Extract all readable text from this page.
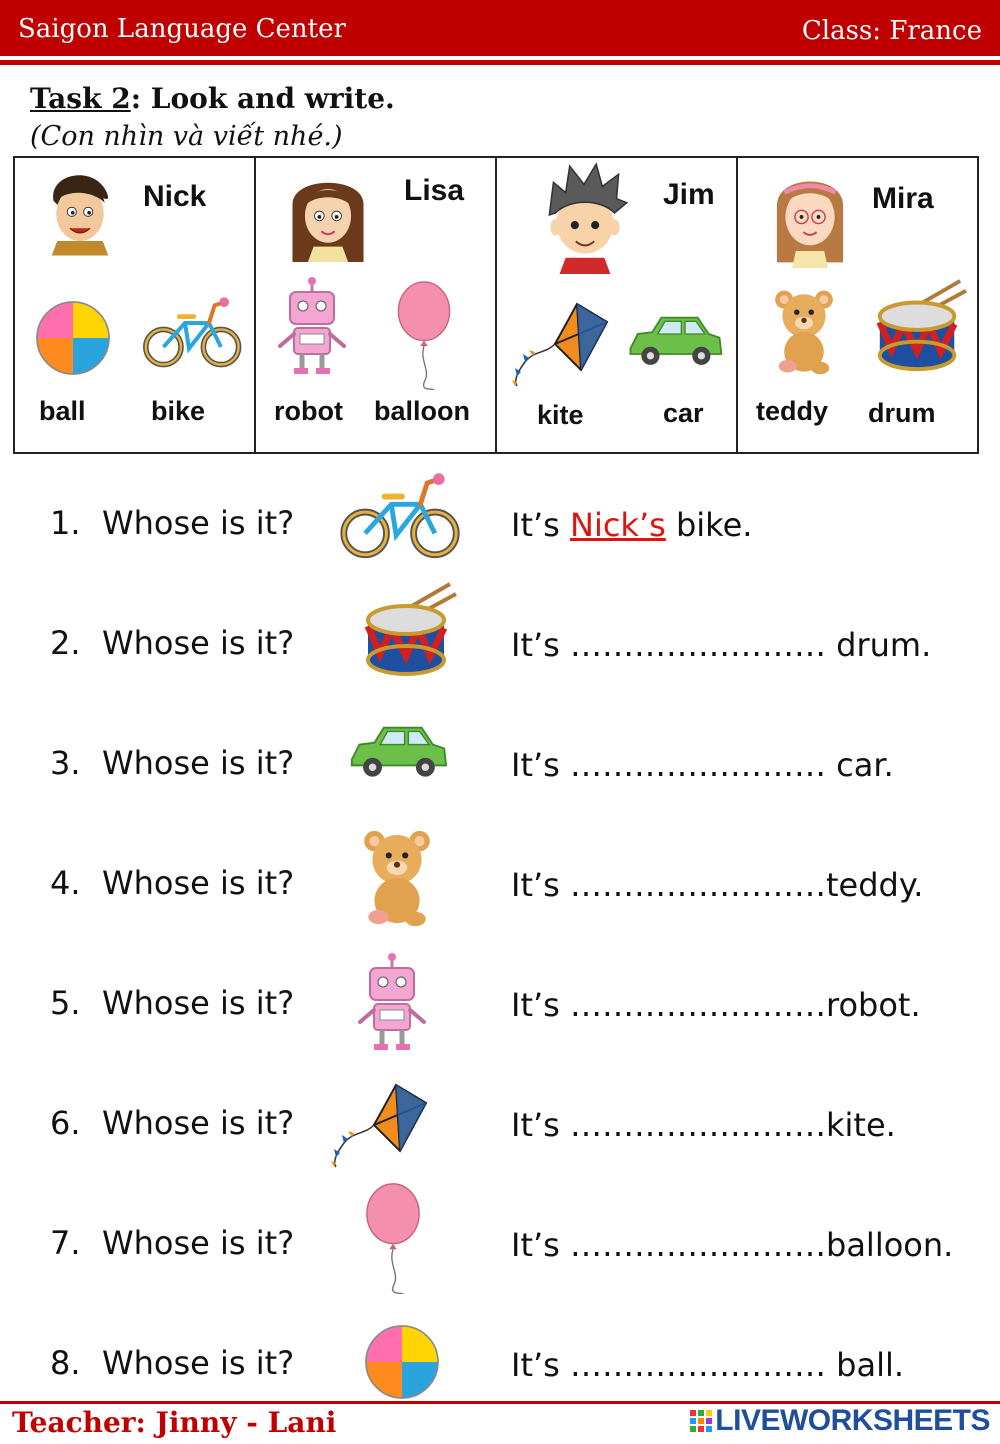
Saigon Language Center	Class: France
Task 2: Look and write.
(Con nhìn và viết nhé.)
Nick
ball bike
Lisa
robot balloon
Jim
kite	car
Mira
teddy drum
1. Whose is it?	It’s Nick’s bike.
2. Whose is it?	It’s …………………… drum.
3. Whose is it?	It’s …………………… car.
4. Whose is it?	It’s ……………………teddy.
5. Whose is it?	It’s ……………………robot.
6. Whose is it?	It’s ……………………kite.
7. Whose is it?	It’s ……………………balloon.
8. Whose is it?	It’s …………………… ball.
Teacher: Jinny - Lani	LIVEWORKSHEETS
